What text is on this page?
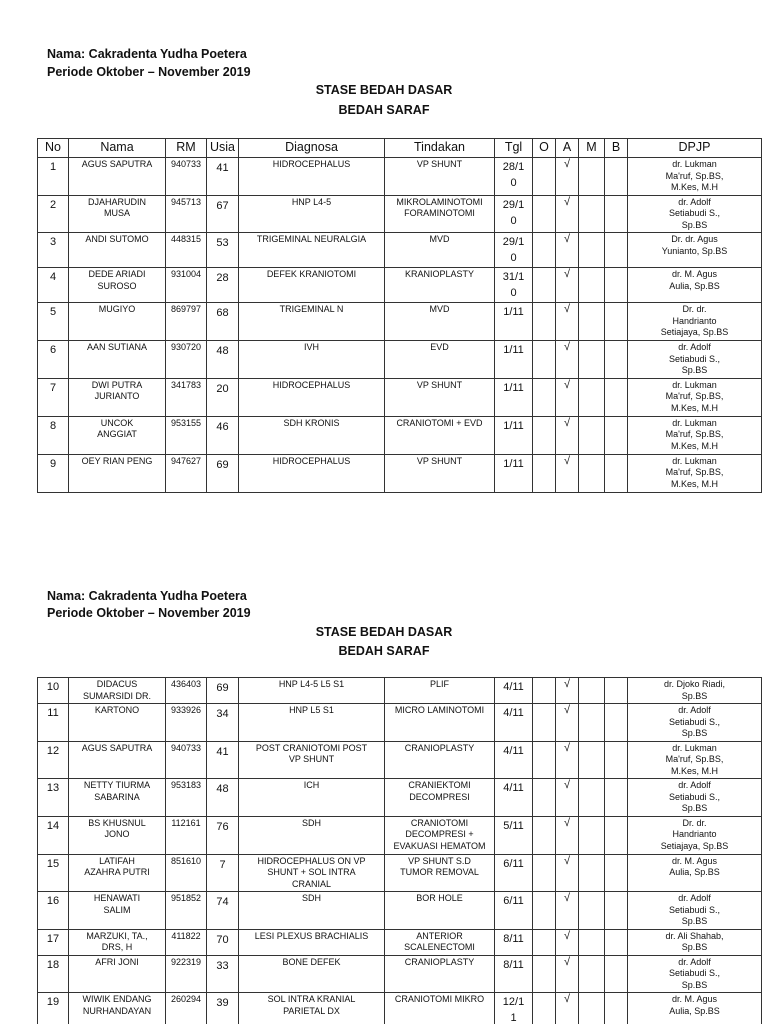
Nama: Cakradenta Yudha Poetera
Periode Oktober – November 2019
STASE BEDAH DASAR
BEDAH SARAF
No	Nama	RM	Usia	Diagnosa	Tindakan	Tgl	O	A	M	B	DPJP
1	AGUS SAPUTRA	940733	41	HIDROCEPHALUS	VP SHUNT	28/1
0		√			dr. Lukman
Ma'ruf, Sp.BS,
M.Kes, M.H
2	DJAHARUDIN
MUSA	945713	67	HNP L4-5	MIKROLAMINOTOMI
FORAMINOTOMI	29/1
0		√			dr. Adolf
Setiabudi S.,
Sp.BS
3	ANDI SUTOMO	448315	53	TRIGEMINAL NEURALGIA	MVD	29/1
0		√			Dr. dr. Agus
Yunianto, Sp.BS
4	DEDE ARIADI
SUROSO	931004	28	DEFEK KRANIOTOMI	KRANIOPLASTY	31/1
0		√			dr. M. Agus
Aulia, Sp.BS
5	MUGIYO	869797	68	TRIGEMINAL N	MVD	1/11		√			Dr. dr.
Handrianto
Setiajaya, Sp.BS
6	AAN SUTIANA	930720	48	IVH	EVD	1/11		√			dr. Adolf
Setiabudi S.,
Sp.BS
7	DWI PUTRA
JURIANTO	341783	20	HIDROCEPHALUS	VP SHUNT	1/11		√			dr. Lukman
Ma'ruf, Sp.BS,
M.Kes, M.H
8	UNCOK
ANGGIAT	953155	46	SDH KRONIS	CRANIOTOMI + EVD	1/11		√			dr. Lukman
Ma'ruf, Sp.BS,
M.Kes, M.H
9	OEY RIAN PENG	947627	69	HIDROCEPHALUS	VP SHUNT	1/11		√			dr. Lukman
Ma'ruf, Sp.BS,
M.Kes, M.H
Nama: Cakradenta Yudha Poetera
Periode Oktober – November 2019
STASE BEDAH DASAR
BEDAH SARAF
10	DIDACUS
SUMARSIDI DR.	436403	69	HNP L4-5 L5 S1	PLIF	4/11		√			dr. Djoko Riadi,
Sp.BS
11	KARTONO	933926	34	HNP L5 S1	MICRO LAMINOTOMI	4/11		√			dr. Adolf
Setiabudi S.,
Sp.BS
12	AGUS SAPUTRA	940733	41	POST CRANIOTOMI POST
VP SHUNT	CRANIOPLASTY	4/11		√			dr. Lukman
Ma'ruf, Sp.BS,
M.Kes, M.H
13	NETTY TIURMA
SABARINA	953183	48	ICH	CRANIEKTOMI
DECOMPRESI	4/11		√			dr. Adolf
Setiabudi S.,
Sp.BS
14	BS KHUSNUL
JONO	112161	76	SDH	CRANIOTOMI
DECOMPRESI +
EVAKUASI HEMATOM	5/11		√			Dr. dr.
Handrianto
Setiajaya, Sp.BS
15	LATIFAH
AZAHRA PUTRI	851610	7	HIDROCEPHALUS ON VP
SHUNT + SOL INTRA
CRANIAL	VP SHUNT S.D
TUMOR REMOVAL	6/11		√			dr. M. Agus
Aulia, Sp.BS
16	HENAWATI
SALIM	951852	74	SDH	BOR HOLE	6/11		√			dr. Adolf
Setiabudi S.,
Sp.BS
17	MARZUKI, TA.,
DRS, H	411822	70	LESI PLEXUS BRACHIALIS	ANTERIOR
SCALENECTOMI	8/11		√			dr. Ali Shahab,
Sp.BS
18	AFRI JONI	922319	33	BONE DEFEK	CRANIOPLASTY	8/11		√			dr. Adolf
Setiabudi S.,
Sp.BS
19	WIWIK ENDANG
NURHANDAYAN	260294	39	SOL INTRA KRANIAL
PARIETAL DX	CRANIOTOMI MIKRO	12/1
1		√			dr. M. Agus
Aulia, Sp.BS
